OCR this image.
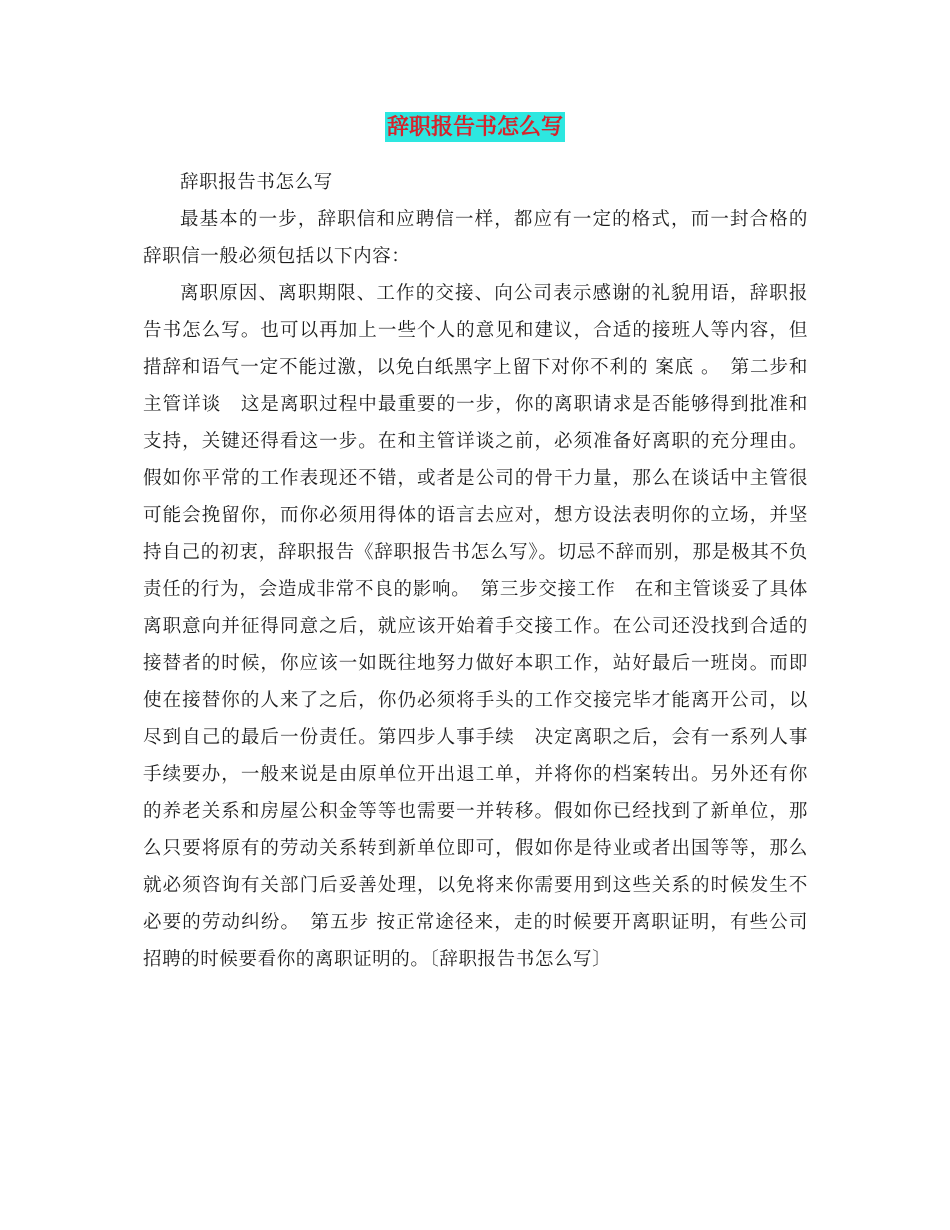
辞职报告书怎么写

辞职报告书怎么写

最基本的一步，辞职信和应聘信一样，都应有一定的格式，而一封合格的辞职信一般必须包括以下内容：

离职原因、离职期限、工作的交接、向公司表示感谢的礼貌用语，辞职报告书怎么写。也可以再加上一些个人的意见和建议，合适的接班人等内容，但措辞和语气一定不能过激，以免白纸黑字上留下对你不利的 案底 。　第二步和主管详谈　这是离职过程中最重要的一步，你的离职请求是否能够得到批准和支持，关键还得看这一步。在和主管详谈之前，必须准备好离职的充分理由。假如你平常的工作表现还不错，或者是公司的骨干力量，那么在谈话中主管很可能会挽留你，而你必须用得体的语言去应对，想方设法表明你的立场，并坚持自己的初衷，辞职报告《辞职报告书怎么写》。切忌不辞而别，那是极其不负责任的行为，会造成非常不良的影响。　第三步交接工作　在和主管谈妥了具体离职意向并征得同意之后，就应该开始着手交接工作。在公司还没找到合适的接替者的时候，你应该一如既往地努力做好本职工作，站好最后一班岗。而即使在接替你的人来了之后，你仍必须将手头的工作交接完毕才能离开公司，以尽到自己的最后一份责任。第四步人事手续　决定离职之后，会有一系列人事手续要办，一般来说是由原单位开出退工单，并将你的档案转出。另外还有你的养老关系和房屋公积金等等也需要一并转移。假如你已经找到了新单位，那么只要将原有的劳动关系转到新单位即可，假如你是待业或者出国等等，那么就必须咨询有关部门后妥善处理，以免将来你需要用到这些关系的时候发生不必要的劳动纠纷。　第五步 按正常途径来，走的时候要开离职证明，有些公司招聘的时候要看你的离职证明的。〔辞职报告书怎么写〕
